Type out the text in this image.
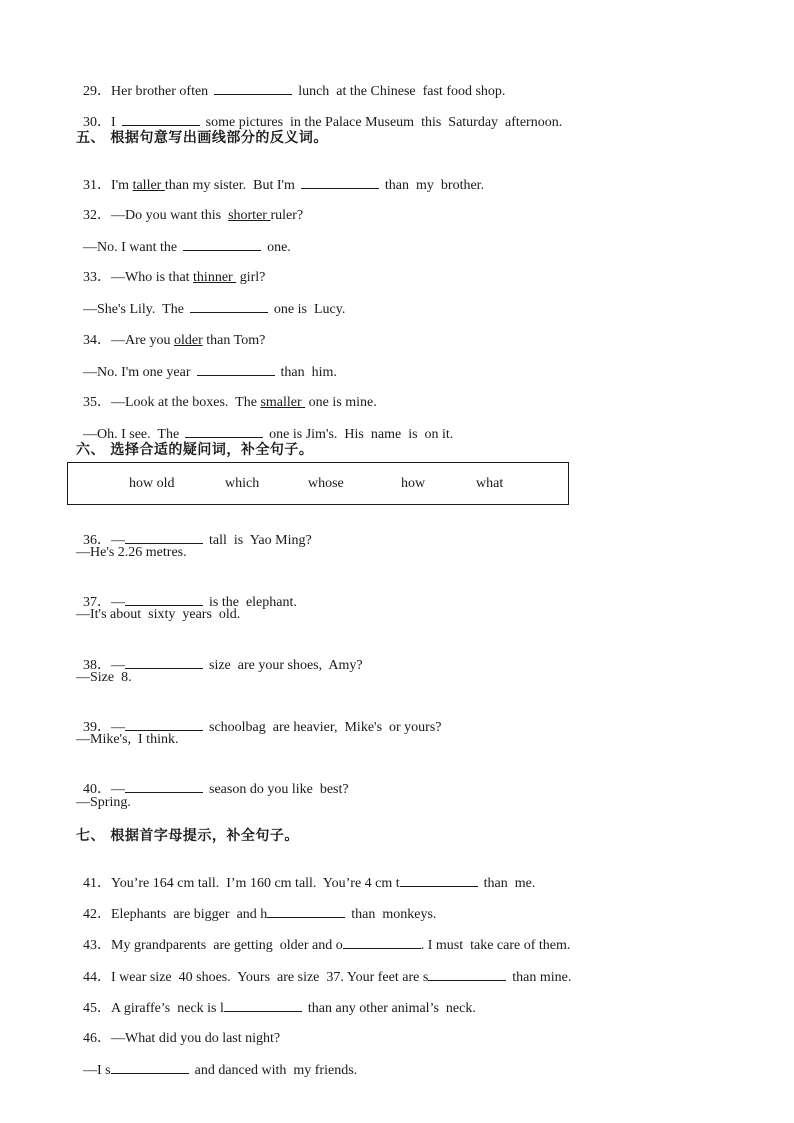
29．Her brother often	lunch  at the Chinese  fast food shop.

30．I	some pictures  in the Palace Museum  this  Saturday  afternoon.

五、 根据句意写出画线部分的反义词。

31．I'm taller than my sister.  But I'm	than  my  brother.

32．—Do you want this  shorter ruler?

—No. I want the	one.

33．—Who is that thinner  girl?

—She's Lily.  The	one is  Lucy.

34．—Are you older than Tom?

—No. I'm one year	than  him.

35．—Look at the boxes.  The smaller  one is mine.

—Oh. I see.  The	one is Jim's.  His  name  is  on it.

六、 选择合适的疑问词，补全句子。
how old	which	whose	how	what

36．—	tall  is  Yao Ming?

—He's 2.26 metres.

37．—	is the  elephant.

—It's about  sixty  years  old.

38．—	size  are your shoes,  Amy?

—Size  8.

39．—	schoolbag  are heavier,  Mike's  or yours?

—Mike's,  I think.

40．—	season do you like  best?

—Spring.
七、 根据首字母提示，补全句子。

41．You’re 164 cm tall.  I’m 160 cm tall.  You’re 4 cm t	than  me.

42．Elephants  are bigger  and h	than  monkeys.

43．My grandparents  are getting  older and o	. I must  take care of them.

44．I wear size  40 shoes.  Yours  are size  37. Your feet are s	than mine.

45．A giraffe’s  neck is l	than any other animal’s  neck.

46．—What did you do last night?

—I s	and danced with  my friends.
